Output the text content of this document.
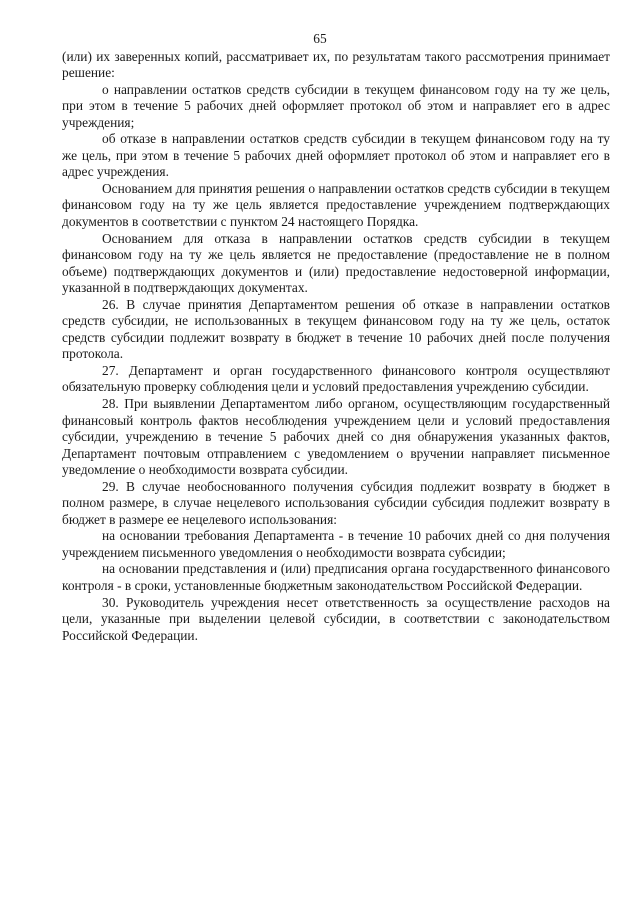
65

(или) их заверенных копий, рассматривает их, по результатам такого рассмотрения принимает решение:

о направлении остатков средств субсидии в текущем финансовом году на ту же цель, при этом в течение 5 рабочих дней оформляет протокол об этом и направляет его в адрес учреждения;

об отказе в направлении остатков средств субсидии в текущем финансовом году на ту же цель, при этом в течение 5 рабочих дней оформляет протокол об этом и направляет его в адрес учреждения.

Основанием для принятия решения о направлении остатков средств субсидии в текущем финансовом году на ту же цель является предоставление учреждением подтверждающих документов в соответствии с пунктом 24 настоящего Порядка.

Основанием для отказа в направлении остатков средств субсидии в текущем финансовом году на ту же цель является не предоставление (предоставление не в полном объеме) подтверждающих документов и (или) предоставление недостоверной информации, указанной в подтверждающих документах.

26. В случае принятия Департаментом решения об отказе в направлении остатков средств субсидии, не использованных в текущем финансовом году на ту же цель, остаток средств субсидии подлежит возврату в бюджет в течение 10 рабочих дней после получения протокола.

27. Департамент и орган государственного финансового контроля осуществляют обязательную проверку соблюдения цели и условий предоставления учреждению субсидии.

28. При выявлении Департаментом либо органом, осуществляющим государственный финансовый контроль фактов несоблюдения учреждением цели и условий предоставления субсидии, учреждению в течение 5 рабочих дней со дня обнаружения указанных фактов, Департамент почтовым отправлением с уведомлением о вручении направляет письменное уведомление о необходимости возврата субсидии.

29. В случае необоснованного получения субсидия подлежит возврату в бюджет в полном размере, в случае нецелевого использования субсидии субсидия подлежит возврату в бюджет в размере ее нецелевого использования:

на основании требования Департамента - в течение 10 рабочих дней со дня получения учреждением письменного уведомления о необходимости возврата субсидии;

на основании представления и (или) предписания органа государственного финансового контроля - в сроки, установленные бюджетным законодательством Российской Федерации.

30. Руководитель учреждения несет ответственность за осуществление расходов на цели, указанные при выделении целевой субсидии, в соответствии с законодательством Российской Федерации.
